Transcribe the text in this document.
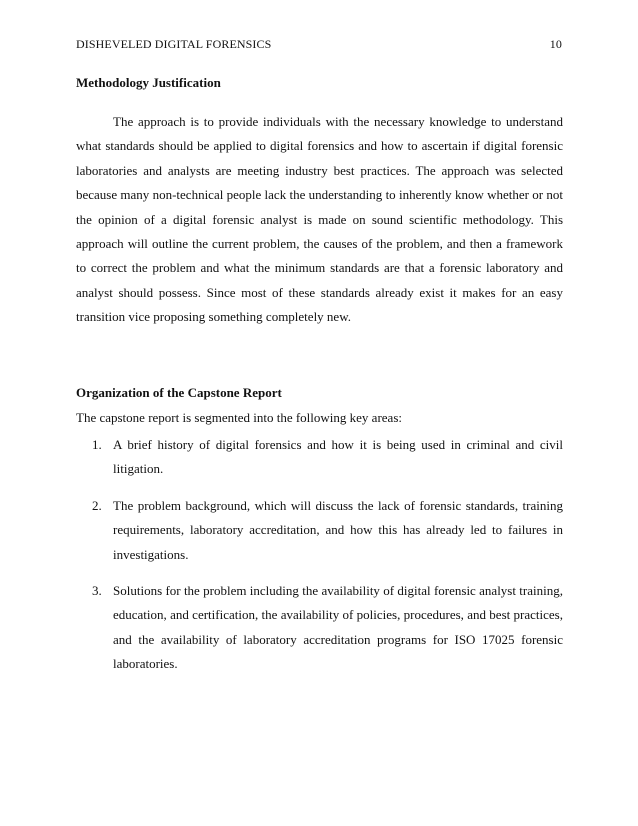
DISHEVELED DIGITAL FORENSICS	10
Methodology Justification

The approach is to provide individuals with the necessary knowledge to understand what standards should be applied to digital forensics and how to ascertain if digital forensic laboratories and analysts are meeting industry best practices. The approach was selected because many non-technical people lack the understanding to inherently know whether or not the opinion of a digital forensic analyst is made on sound scientific methodology. This approach will outline the current problem, the causes of the problem, and then a framework to correct the problem and what the minimum standards are that a forensic laboratory and analyst should possess. Since most of these standards already exist it makes for an easy transition vice proposing something completely new.

Organization of the Capstone Report
The capstone report is segmented into the following key areas:
1. A brief history of digital forensics and how it is being used in criminal and civil litigation.
2. The problem background, which will discuss the lack of forensic standards, training requirements, laboratory accreditation, and how this has already led to failures in investigations.
3. Solutions for the problem including the availability of digital forensic analyst training, education, and certification, the availability of policies, procedures, and best practices, and the availability of laboratory accreditation programs for ISO 17025 forensic laboratories.
